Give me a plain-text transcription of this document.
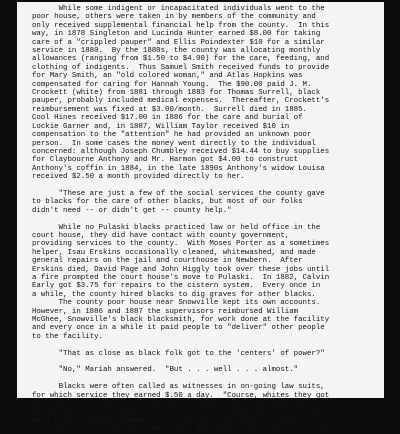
While some indigent or incapacitated individuals went to the
poor house, others were taken in by members of the community and
only received supplemental financial help from the county.  In this
way, in 1878 Singleton and Lucinda Hunter earned $8.00 for taking
care of a "crippled pauper" and Ellis Poindexter $10 for a similar
service in 1880.  By the 1880s, the county was allocating monthly
allowances (ranging from $1.50 to $4.00) for the care, feeding, and
clothing of indigents.  Thus Samuel Smith received funds to provide
for Mary Smith, an "old colored woman," and Atlas Hopkins was
compensated for caring for Hannah Young.  The $90.00 paid J. M.
Crockett (white) from 1881 through 1883 for Thomas Surrell, black
pauper, probably included medical expenses.  Thereafter, Crockett's
reimbursement was fixed at $3.00/month.  Surrell died in 1885.
Cool Hines received $17.00 in 1886 for the care and burial of
Lockie Garner and, in 1887, William Taylor received $10 in
compensation to the "attention" he had provided an unknown poor
person.  In some cases the money went directly to the individual
concerned: although Joseph Chumbley received $14.44 to buy supplies
for Claybourne Anthony and Mr. Harmon got $4.00 to construct
Anthony's coffin in 1884, in the late 1890s Anthony's widow Louisa
received $2.50 a month provided directly to her.
"These are just a few of the social services the county gave
to blacks for the care of other blacks, but most of our folks
didn't need -- or didn't get -- county help."
While no Pulaski blacks practiced law or held office in the
court house, they did have contact with county government,
providing services to the county.  With Moses Porter as a sometimes
helper, Isau Erskins occasionally cleaned, whitewashed, and made
general repairs on the jail and courthouse in Newbern.  After
Erskins died, David Page and John Higgly took over these jobs until
a fire prompted the court house's move to Pulaski.  In 1882, Calvin
Early got $3.75 for repairs to the cistern system.  Every once in
a while, the county hired blacks to dig graves for other blacks.
The county poor house near Snowville kept its own accounts.
However, in 1886 and 1887 the supervisors reimbursed William
McGhee, Snowville's black blacksmith, for work done at the facility
and every once in a while it paid people to "deliver" other people
to the facility.
"That as close as black folk got to the 'centers' of power?"
"No," Mariah answered.  "But . . . well . . . almost."
Blacks were often called as witnesses in on-going law suits,
for which service they earned $.50 a day.  "Course, whites they got
paid more."  In an unusual instance, Daniel Hall and Moses Porter
earned $10 and $5 respectively for services rendered in the inquest
when their neighbor Stewart Christian died in 1886.  On other
occasions, the county provided black defendants with attorneys, the
